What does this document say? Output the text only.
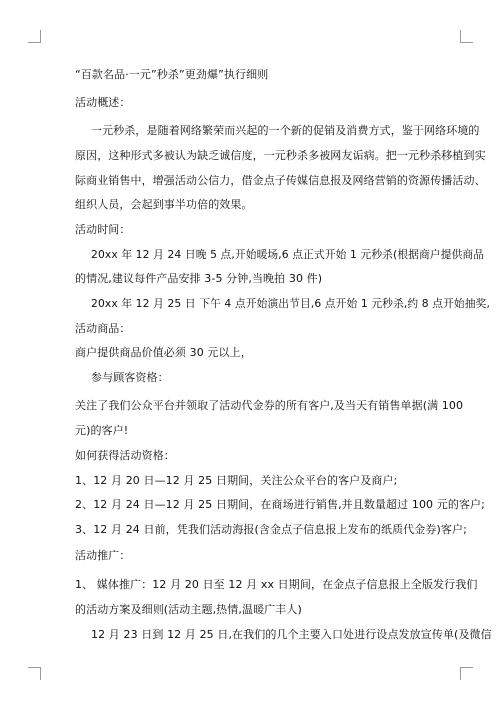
“百款名品·一元”秒杀”更劲爆”执行细则
活动概述：
一元秒杀，是随着网络繁荣而兴起的一个新的促销及消费方式，鉴于网络环境的
原因，这种形式多被认为缺乏诚信度，一元秒杀多被网友诟病。把一元秒杀移植到实
际商业销售中，增强活动公信力，借金点子传媒信息报及网络营销的资源传播活动、
组织人员，会起到事半功倍的效果。
活动时间：
20xx 年 12 月 24 日晚 5 点,开始暖场,6 点正式开始 1 元秒杀(根据商户提供商品
的情况,建议每件产品安排 3-5 分钟,当晚拍 30 件)
20xx 年 12 月 25 日 下午 4 点开始演出节目,6 点开始 1 元秒杀,约 8 点开始抽奖,
活动商品：
商户提供商品价值必须 30 元以上，
参与顾客资格：
关注了我们公众平台并领取了活动代金券的所有客户,及当天有销售单据(满 100
元)的客户!
如何获得活动资格：
1、12 月 20 日—12 月 25 日期间，关注公众平台的客户及商户;
2、12 月 24 日—12 月 25 日期间，在商场进行销售,并且数量超过 100 元的客户;
3、12 月 24 日前，凭我们活动海报(含金点子信息报上发布的纸质代金券)客户;
活动推广：
1、 媒体推广：12 月 20 日至 12 月 xx 日期间，在金点子信息报上全版发行我们
的活动方案及细则(活动主题,热情,温暖广丰人)
12 月 23 日到 12 月 25 日,在我们的几个主要入口处进行设点发放宣传单(及微信
